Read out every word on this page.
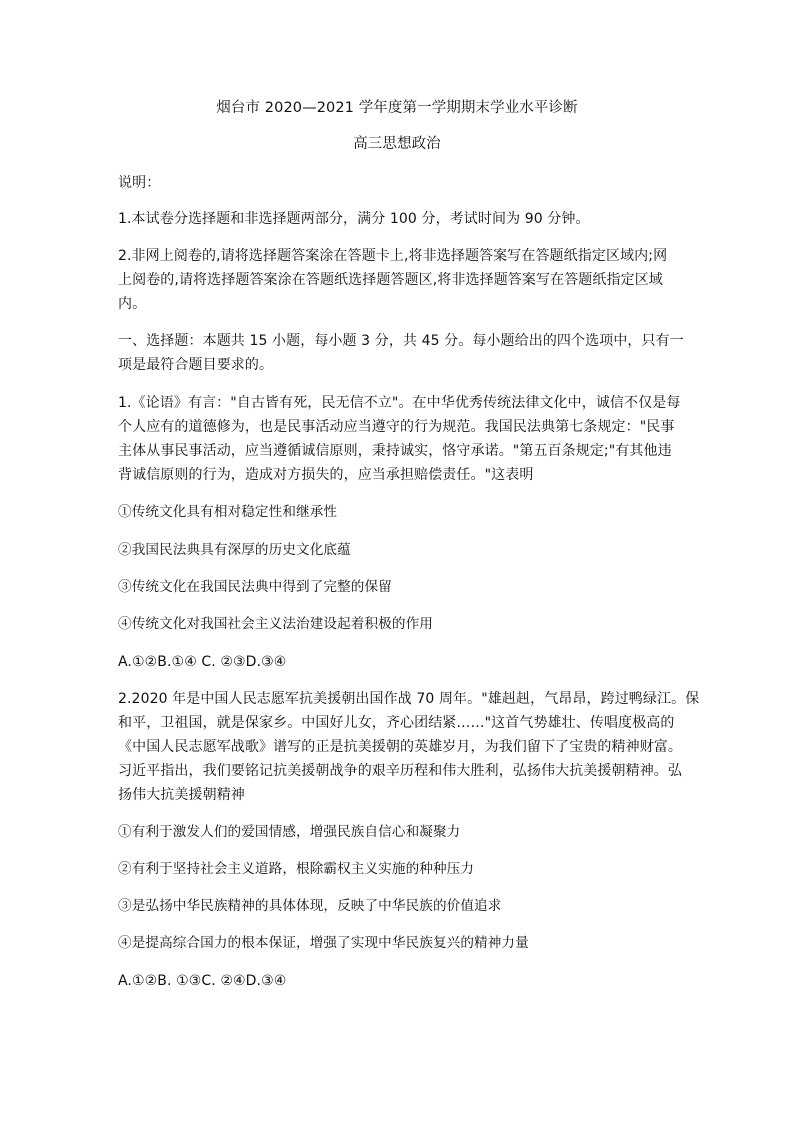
烟台市 2020—2021 学年度第一学期期末学业水平诊断
高三思想政治
说明：
1.本试卷分选择题和非选择题两部分，满分 100 分，考试时间为 90 分钟。
2.非网上阅卷的,请将选择题答案涂在答题卡上,将非选择题答案写在答题纸指定区域内;网
上阅卷的,请将选择题答案涂在答题纸选择题答题区,将非选择题答案写在答题纸指定区域
内。
一、选择题：本题共 15 小题，每小题 3 分，共 45 分。每小题给出的四个选项中，只有一
项是最符合题目要求的。
1.《论语》有言："自古皆有死，民无信不立"。在中华优秀传统法律文化中，诚信不仅是每
个人应有的道德修为，也是民事活动应当遵守的行为规范。我国民法典第七条规定："民事
主体从事民事活动，应当遵循诚信原则，秉持诚实，恪守承诺。"第五百条规定;"有其他违
背诚信原则的行为，造成对方损失的，应当承担赔偿责任。"这表明
①传统文化具有相对稳定性和继承性
②我国民法典具有深厚的历史文化底蕴
③传统文化在我国民法典中得到了完整的保留
④传统文化对我国社会主义法治建设起着积极的作用
A.①②B.①④ C. ②③D.③④
2.2020 年是中国人民志愿军抗美援朝出国作战 70 周年。"雄赳赳，气昂昂，跨过鸭绿江。保
和平，卫祖国，就是保家乡。中国好儿女，齐心团结紧……"这首气势雄壮、传唱度极高的
《中国人民志愿军战歌》谱写的正是抗美援朝的英雄岁月，为我们留下了宝贵的精神财富。
习近平指出，我们要铭记抗美援朝战争的艰辛历程和伟大胜利，弘扬伟大抗美援朝精神。弘
扬伟大抗美援朝精神
①有利于激发人们的爱国情感，增强民族自信心和凝聚力
②有利于坚持社会主义道路，根除霸权主义实施的种种压力
③是弘扬中华民族精神的具体体现，反映了中华民族的价值追求
④是提高综合国力的根本保证，增强了实现中华民族复兴的精神力量
A.①②B. ①③C. ②④D.③④
